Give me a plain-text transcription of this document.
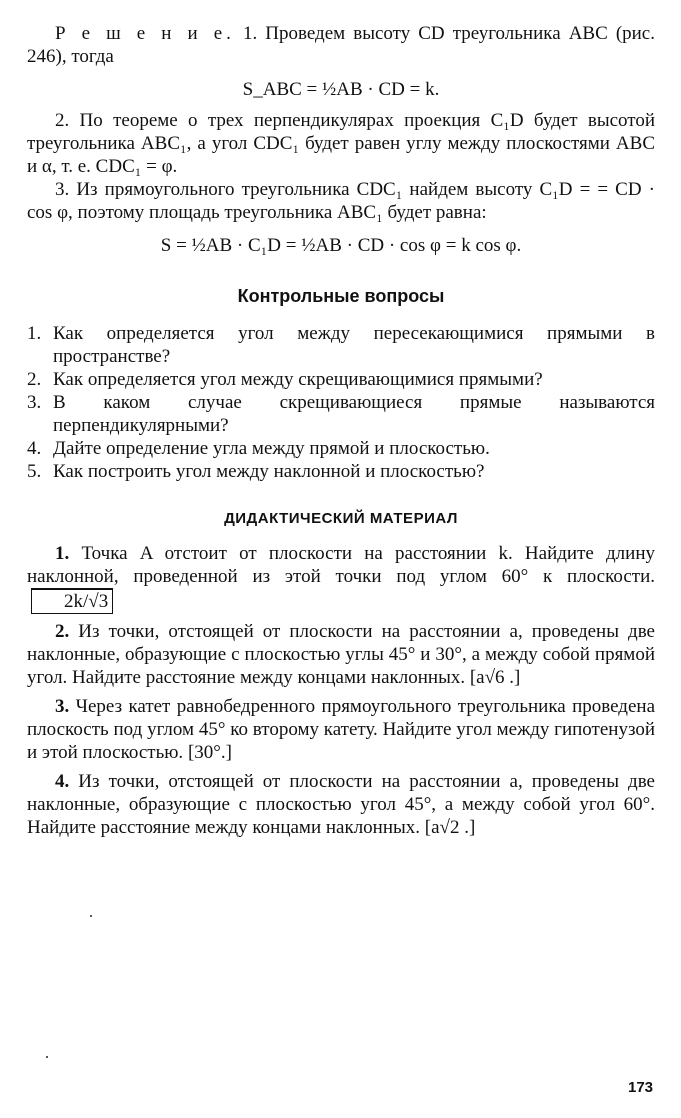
Р е ш е н и е. 1. Проведем высоту CD треугольника ABC (рис. 246), тогда

S_ABC = ½AB · CD = k.

2. По теореме о трех перпендикулярах проекция C₁D будет высотой треугольника ABC₁, а угол CDC₁ будет равен углу между плоскостями ABC и α, т. е. CDC₁ = φ.

3. Из прямоугольного треугольника CDC₁ найдем высоту C₁D = = CD · cos φ, поэтому площадь треугольника ABC₁ будет равна:

S = ½AB · C₁D = ½AB · CD · cos φ = k cos φ.
Контрольные вопросы
1. Как определяется угол между пересекающимися прямыми в пространстве?
2. Как определяется угол между скрещивающимися прямыми?
3. В каком случае скрещивающиеся прямые называются перпендикулярными?
4. Дайте определение угла между прямой и плоскостью.
5. Как построить угол между наклонной и плоскостью?
ДИДАКТИЧЕСКИЙ МАТЕРИАЛ

1. Точка A отстоит от плоскости на расстоянии k. Найдите длину наклонной, проведенной из этой точки под углом 60° к плоскости. 2k/√3

2. Из точки, отстоящей от плоскости на расстоянии a, проведены две наклонные, образующие с плоскостью углы 45° и 30°, а между собой прямой угол. Найдите расстояние между концами наклонных. [a√6 .]

3. Через катет равнобедренного прямоугольного треугольника проведена плоскость под углом 45° ко второму катету. Найдите угол между гипотенузой и этой плоскостью. [30°.]

4. Из точки, отстоящей от плоскости на расстоянии a, проведены две наклонные, образующие с плоскостью угол 45°, а между собой угол 60°. Найдите расстояние между концами наклонных. [a√2 .]

173
